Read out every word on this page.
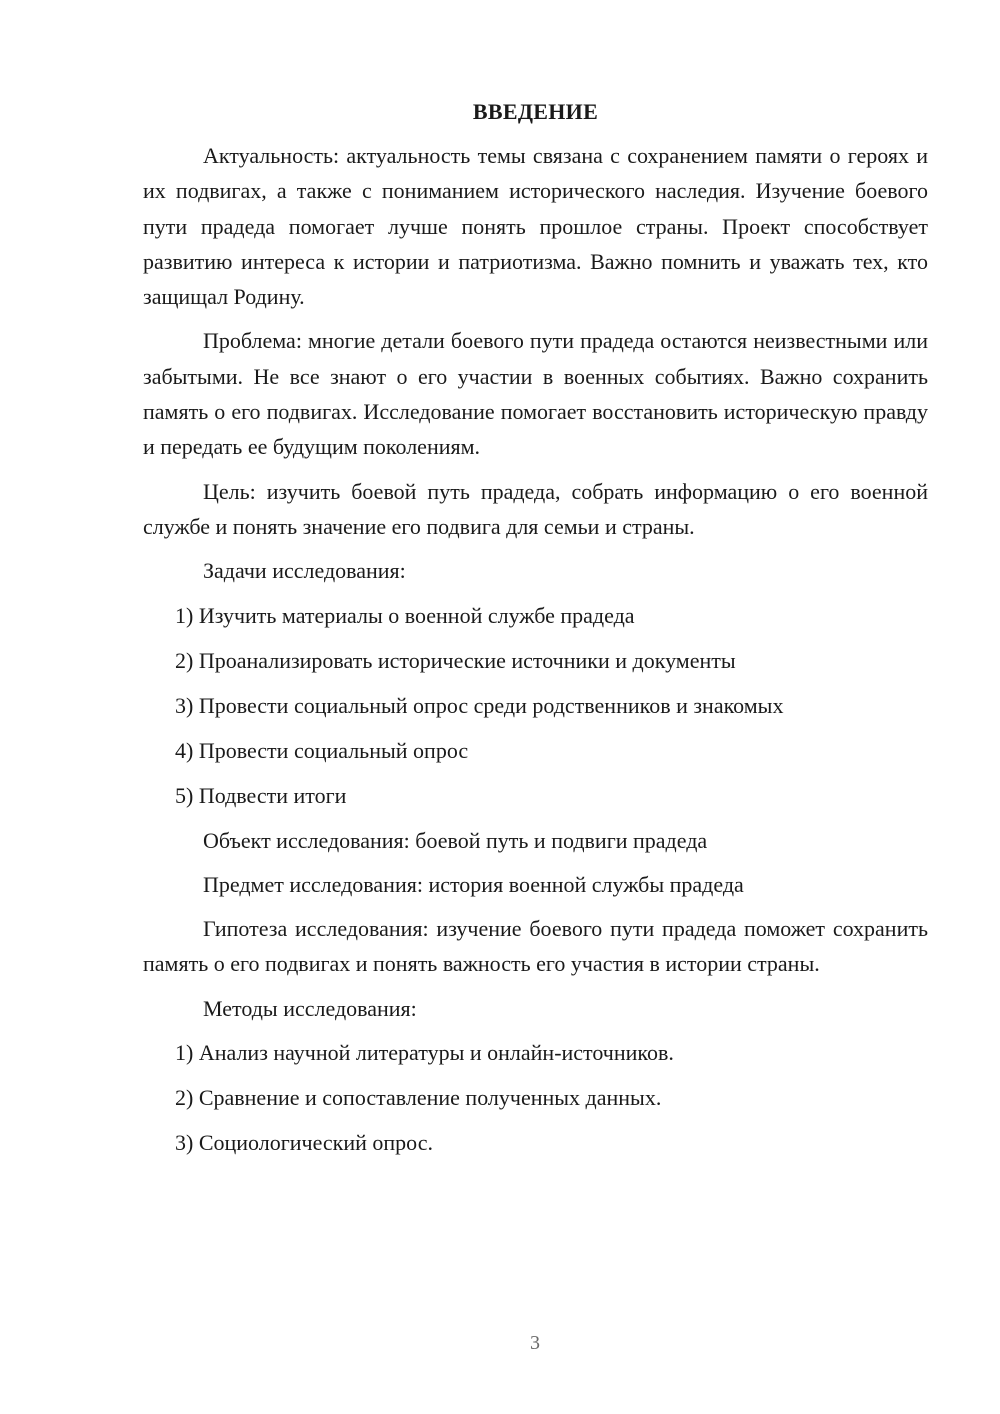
ВВЕДЕНИЕ

Актуальность: актуальность темы связана с сохранением памяти о героях и их подвигах, а также с пониманием исторического наследия. Изучение боевого пути прадеда помогает лучше понять прошлое страны. Проект способствует развитию интереса к истории и патриотизма. Важно помнить и уважать тех, кто защищал Родину.

Проблема: многие детали боевого пути прадеда остаются неизвестными или забытыми. Не все знают о его участии в военных событиях. Важно сохранить память о его подвигах. Исследование помогает восстановить историческую правду и передать ее будущим поколениям.

Цель: изучить боевой путь прадеда, собрать информацию о его военной службе и понять значение его подвига для семьи и страны.

Задачи исследования:

1) Изучить материалы о военной службе прадеда
2) Проанализировать исторические источники и документы
3) Провести социальный опрос среди родственников и знакомых
4) Провести социальный опрос
5) Подвести итоги

Объект исследования: боевой путь и подвиги прадеда

Предмет исследования: история военной службы прадеда

Гипотеза исследования: изучение боевого пути прадеда поможет сохранить память о его подвигах и понять важность его участия в истории страны.

Методы исследования:

1) Анализ научной литературы и онлайн-источников.
2) Сравнение и сопоставление полученных данных.
3) Социологический опрос.
3
